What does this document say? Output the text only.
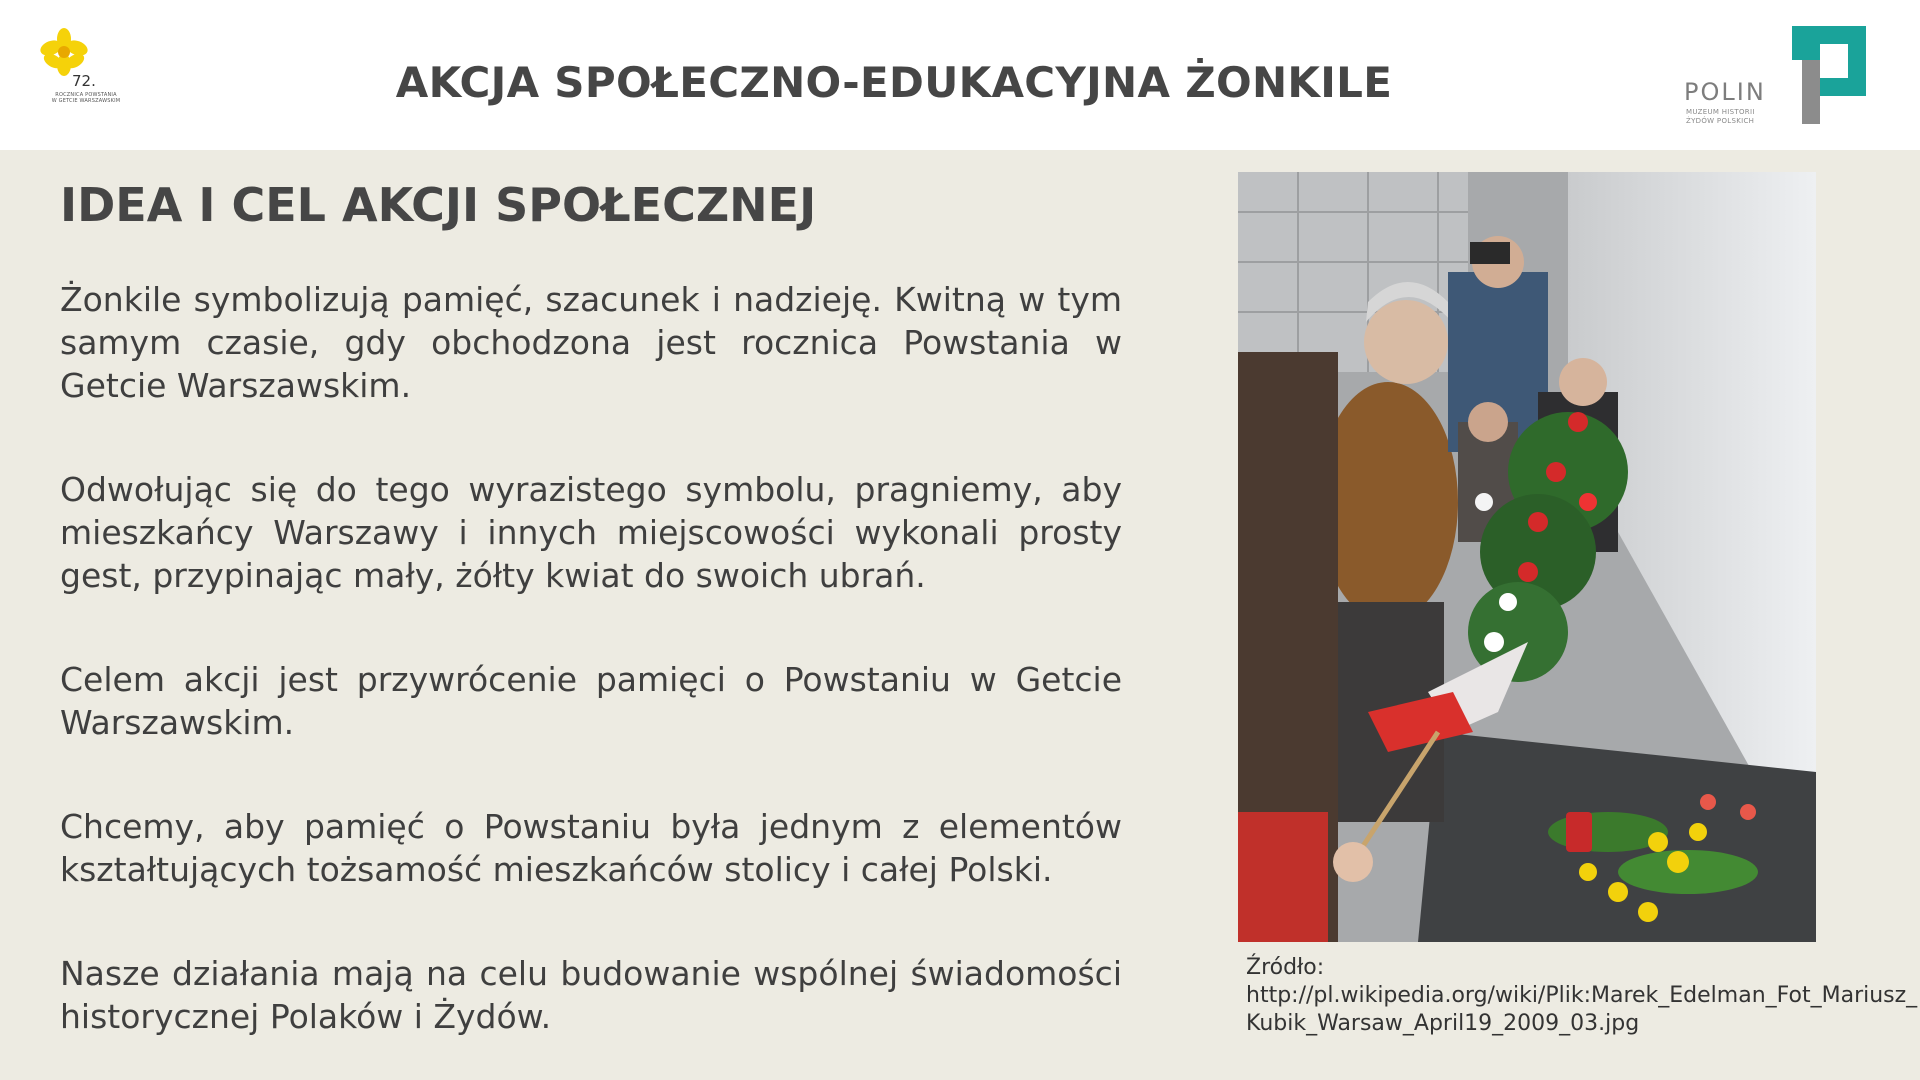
72.
ROCZNICA POWSTANIA
W GETCIE WARSZAWSKIM	AKCJA SPOŁECZNO-EDUKACYJNA ŻONKILE	POLIN
MUZEUM HISTORII
ŻYDÓW POLSKICH
IDEA I CEL AKCJI SPOŁECZNEJ

Żonkile symbolizują pamięć, szacunek i nadzieję. Kwitną w tym samym czasie, gdy obchodzona jest rocznica Powstania w Getcie Warszawskim.

Odwołując się do tego wyrazistego symbolu, pragniemy, aby mieszkańcy Warszawy i innych miejscowości wykonali prosty gest, przypinając mały, żółty kwiat do swoich ubrań.

Celem akcji jest przywrócenie pamięci o Powstaniu w Getcie Warszawskim.

Chcemy, aby pamięć o Powstaniu była jednym z elementów kształtujących tożsamość mieszkańców stolicy i całej Polski.

Nasze działania mają na celu budowanie wspólnej świadomości historycznej Polaków i Żydów.

Źródło:
http://pl.wikipedia.org/wiki/Plik:Marek_Edelman_Fot_Mariusz_
Kubik_Warsaw_April19_2009_03.jpg
